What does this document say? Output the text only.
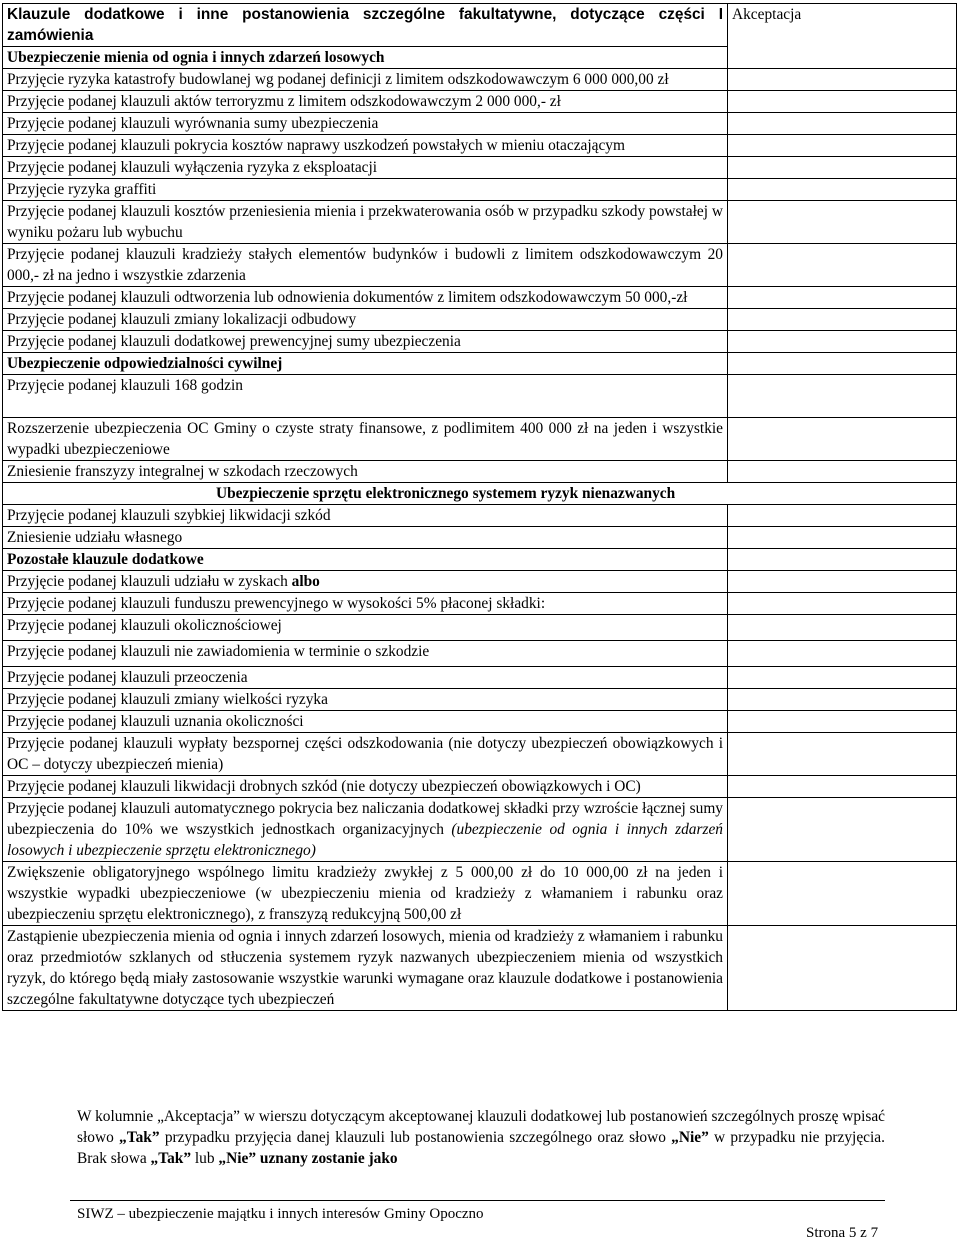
Klauzule dodatkowe i inne postanowienia szczególne fakultatywne, dotyczące części I zamówienia	Akceptacja
Ubezpieczenie mienia od ognia i innych zdarzeń losowych	
Przyjęcie ryzyka katastrofy budowlanej wg podanej definicji z limitem odszkodowawczym 6 000 000,00 zł	
Przyjęcie podanej klauzuli aktów terroryzmu z limitem odszkodowawczym 2 000 000,- zł	
Przyjęcie podanej klauzuli wyrównania sumy ubezpieczenia	
Przyjęcie podanej klauzuli pokrycia kosztów naprawy uszkodzeń powstałych w mieniu otaczającym	
Przyjęcie podanej klauzuli wyłączenia ryzyka z eksploatacji	
Przyjęcie ryzyka graffiti	
Przyjęcie podanej klauzuli kosztów przeniesienia mienia i przekwaterowania osób w przypadku szkody powstałej w wyniku pożaru lub wybuchu	
Przyjęcie podanej klauzuli kradzieży stałych elementów budynków i budowli z limitem odszkodowawczym 20 000,- zł na jedno i wszystkie zdarzenia	
Przyjęcie podanej klauzuli odtworzenia lub odnowienia dokumentów z limitem odszkodowawczym 50 000,-zł	
Przyjęcie podanej klauzuli zmiany lokalizacji odbudowy	
Przyjęcie podanej klauzuli dodatkowej prewencyjnej sumy ubezpieczenia	
Ubezpieczenie odpowiedzialności cywilnej	
Przyjęcie podanej klauzuli 168 godzin	
Rozszerzenie ubezpieczenia OC Gminy o czyste straty finansowe, z podlimitem 400 000 zł na jeden i wszystkie wypadki ubezpieczeniowe	
Zniesienie franszyzy integralnej w szkodach rzeczowych	
Ubezpieczenie sprzętu elektronicznego systemem ryzyk nienazwanych	
Przyjęcie podanej klauzuli szybkiej likwidacji szkód	
Zniesienie udziału własnego	
Pozostałe klauzule dodatkowe	
Przyjęcie podanej klauzuli udziału w zyskach albo	
Przyjęcie podanej klauzuli funduszu prewencyjnego w wysokości 5% płaconej składki:	
Przyjęcie podanej klauzuli okolicznościowej	
Przyjęcie podanej klauzuli nie zawiadomienia w terminie o szkodzie	
Przyjęcie podanej klauzuli przeoczenia	
Przyjęcie podanej klauzuli zmiany wielkości ryzyka	
Przyjęcie podanej klauzuli uznania okoliczności	
Przyjęcie podanej klauzuli wypłaty bezspornej części odszkodowania (nie dotyczy ubezpieczeń obowiązkowych i OC – dotyczy ubezpieczeń mienia)	
Przyjęcie podanej klauzuli likwidacji drobnych szkód (nie dotyczy ubezpieczeń obowiązkowych i OC)	
Przyjęcie podanej klauzuli automatycznego pokrycia bez naliczania dodatkowej składki przy wzroście łącznej sumy ubezpieczenia do 10% we wszystkich jednostkach organizacyjnych (ubezpieczenie od ognia i innych zdarzeń losowych i ubezpieczenie sprzętu elektronicznego)	
Zwiększenie obligatoryjnego wspólnego limitu kradzieży zwykłej z 5 000,00 zł do 10 000,00 zł na jeden i wszystkie wypadki ubezpieczeniowe (w ubezpieczeniu mienia od kradzieży z włamaniem i rabunku oraz ubezpieczeniu sprzętu elektronicznego), z franszyzą redukcyjną 500,00 zł	
Zastąpienie ubezpieczenia mienia od ognia i innych zdarzeń losowych, mienia od kradzieży z włamaniem i rabunku oraz przedmiotów szklanych od stłuczenia systemem ryzyk nazwanych ubezpieczeniem mienia od wszystkich ryzyk, do którego będą miały zastosowanie wszystkie warunki wymagane oraz klauzule dodatkowe i postanowienia szczególne fakultatywne dotyczące tych ubezpieczeń	
W kolumnie „Akceptacja” w wierszu dotyczącym akceptowanej klauzuli dodatkowej lub postanowień szczególnych proszę wpisać słowo „Tak” przypadku przyjęcia danej klauzuli lub postanowienia szczególnego oraz słowo „Nie” w przypadku nie przyjęcia. Brak słowa „Tak” lub „Nie” uznany zostanie jako
SIWZ – ubezpieczenie majątku i innych interesów Gminy Opoczno
Strona 5 z 7
